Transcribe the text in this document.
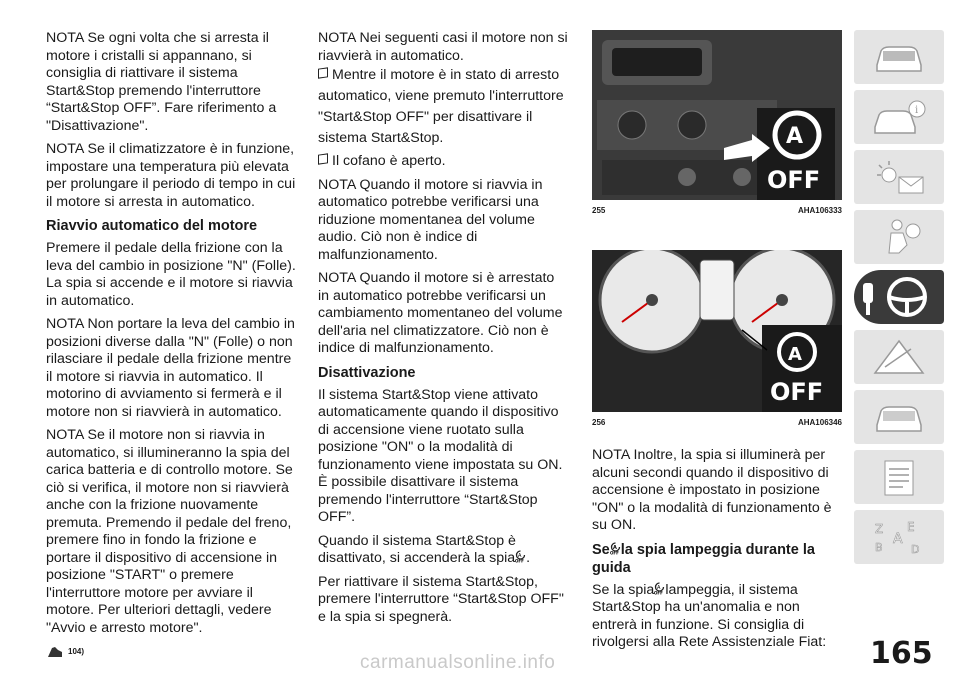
NOTA Se ogni volta che si arresta il motore i cristalli si appannano, si consiglia di riattivare il sistema Start&Stop premendo l'interruttore “Start&Stop OFF”. Fare riferimento a "Disattivazione".

NOTA Se il climatizzatore è in funzione, impostare una temperatura più elevata per prolungare il periodo di tempo in cui il motore si arresta in automatico.

Riavvio automatico del motore

Premere il pedale della frizione con la leva del cambio in posizione "N" (Folle). La spia si accende e il motore si riavvia in automatico.

NOTA Non portare la leva del cambio in posizioni diverse dalla "N" (Folle) o non rilasciare il pedale della frizione mentre il motore si riavvia in automatico. Il motorino di avviamento si fermerà e il motore non si riavvierà in automatico.

NOTA Se il motore non si riavvia in automatico, si illumineranno la spia del carica batteria e di controllo motore. Se ciò si verifica, il motore non si riavvierà anche con la frizione nuovamente premuta. Premendo il pedale del freno, premere fino in fondo la frizione e portare il dispositivo di accensione in posizione "START" o premere l'interruttore motore per avviare il motore. Per ulteriori dettagli, vedere "Avvio e arresto motore".

104)

NOTA Nei seguenti casi il motore non si riavvierà in automatico.

Mentre il motore è in stato di arresto automatico, viene premuto l'interruttore "Start&Stop OFF" per disattivare il sistema Start&Stop.

Il cofano è aperto.

NOTA Quando il motore si riavvia in automatico potrebbe verificarsi una riduzione momentanea del volume audio. Ciò non è indice di malfunzionamento.

NOTA Quando il motore si è arrestato in automatico potrebbe verificarsi un cambiamento momentaneo del volume dell'aria nel climatizzatore. Ciò non è indice di malfunzionamento.

Disattivazione

Il sistema Start&Stop viene attivato automaticamente quando il dispositivo di accensione viene ruotato sulla posizione "ON" o la modalità di funzionamento viene impostata su ON. È possibile disattivare il sistema premendo l'interruttore “Start&Stop OFF”.

Quando il sistema Start&Stop è disattivato, si accenderà la spia A
OFF .

Per riattivare il sistema Start&Stop, premere l'interruttore “Start&Stop OFF" e la spia si spegnerà.

A
OFF
255	AHA106333
A
OFF
256	AHA106346

NOTA Inoltre, la spia si illuminerà per alcuni secondi quando il dispositivo di accensione è impostato in posizione "ON" o la modalità di funzionamento è su ON.

Se A
OFF la spia lampeggia durante la guida

Se la spia A
OFF lampeggia, il sistema Start&Stop ha un'anomalia e non entrerà in funzione. Si consiglia di rivolgersi alla Rete Assistenziale Fiat:

i
Z E
A
B	D
165
carmanualsonline.info
